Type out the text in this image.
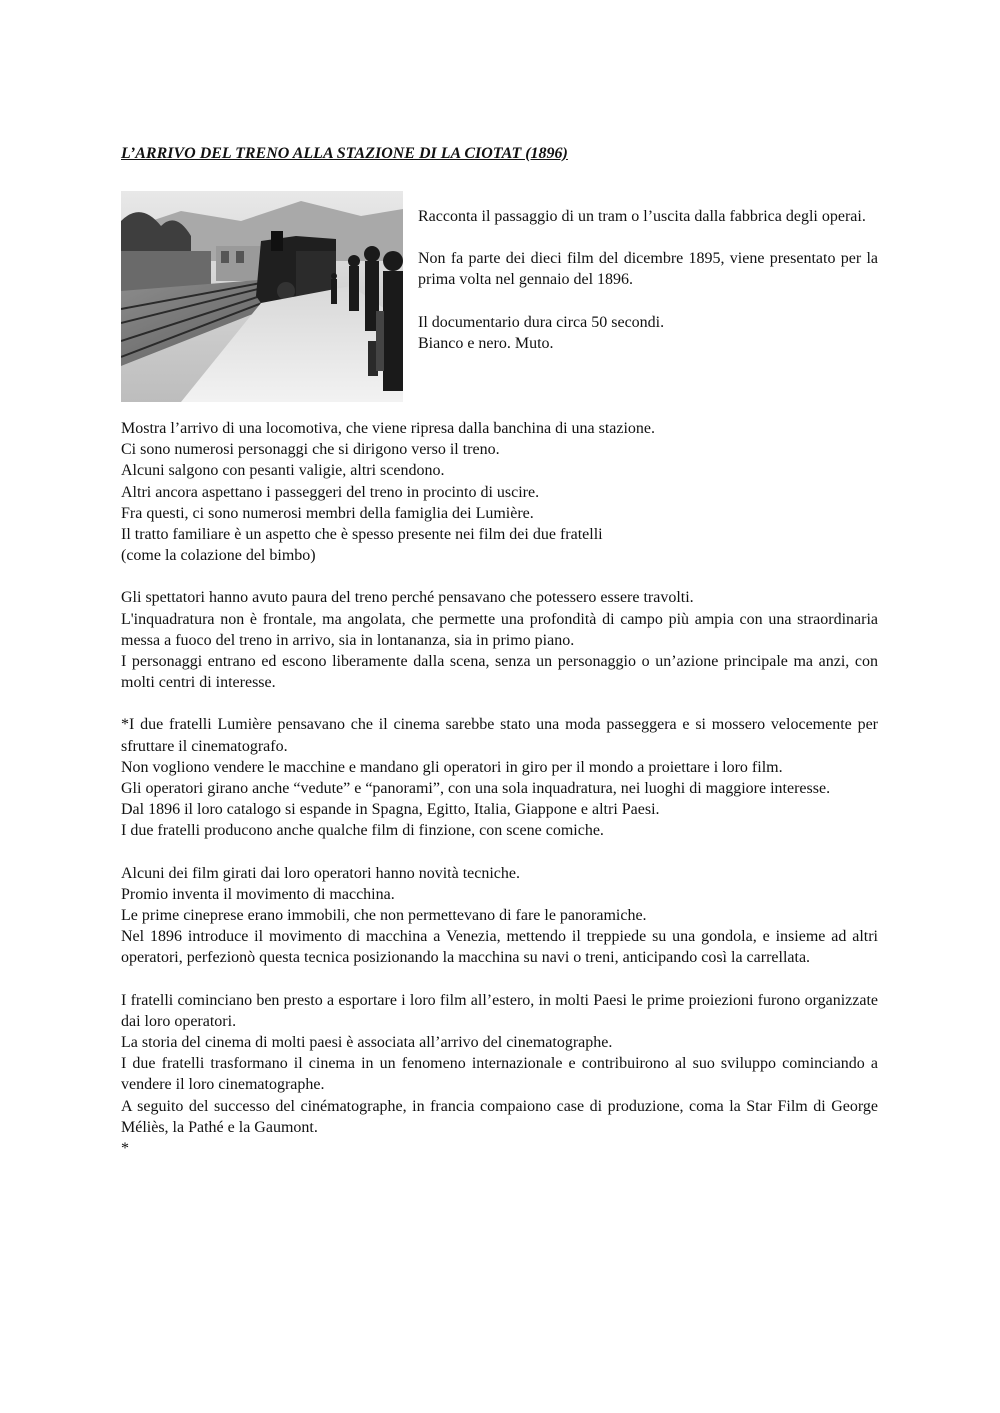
L’ARRIVO DEL TRENO ALLA STAZIONE DI LA CIOTAT (1896)

Racconta il passaggio di un tram o l’uscita dalla fabbrica degli operai.

Non fa parte dei dieci film del dicembre 1895, viene presentato per la prima volta nel gennaio del 1896.

Il documentario dura circa 50 secondi.
Bianco e nero. Muto.

Mostra l’arrivo di una locomotiva, che viene ripresa dalla banchina di una stazione.
Ci sono numerosi personaggi che si dirigono verso il treno.
Alcuni salgono con pesanti valigie, altri scendono.
Altri ancora aspettano i passeggeri del treno in procinto di uscire.
Fra questi, ci sono numerosi membri della famiglia dei Lumière.
Il tratto familiare è un aspetto che è spesso presente nei film dei due fratelli
(come la colazione del bimbo)

Gli spettatori hanno avuto paura del treno perché pensavano che potessero essere travolti.
L'inquadratura non è frontale, ma angolata, che permette una profondità di campo più ampia con una straordinaria messa a fuoco del treno in arrivo, sia in lontananza, sia in primo piano.
I personaggi entrano ed escono liberamente dalla scena, senza un personaggio o un’azione principale ma anzi, con molti centri di interesse.

*I due fratelli Lumière pensavano che il cinema sarebbe stato una moda passeggera e si mossero velocemente per sfruttare il cinematografo.
Non vogliono vendere le macchine e mandano gli operatori in giro per il mondo a proiettare i loro film.
Gli operatori girano anche “vedute” e “panorami”, con una sola inquadratura, nei luoghi di maggiore interesse.
Dal 1896 il loro catalogo si espande in Spagna, Egitto, Italia, Giappone e altri Paesi.
I due fratelli producono anche qualche film di finzione, con scene comiche.

Alcuni dei film girati dai loro operatori hanno novità tecniche.
Promio inventa il movimento di macchina.
Le prime cineprese erano immobili, che non permettevano di fare le panoramiche.
Nel 1896 introduce il movimento di macchina a Venezia, mettendo il treppiede su una gondola, e insieme ad altri operatori, perfezionò questa tecnica posizionando la macchina su navi o treni, anticipando così la carrellata.

I fratelli cominciano ben presto a esportare i loro film all’estero, in molti Paesi le prime proiezioni furono organizzate dai loro operatori.
La storia del cinema di molti paesi è associata all’arrivo del cinematographe.
I due fratelli trasformano il cinema in un fenomeno internazionale e contribuirono al suo sviluppo cominciando a vendere il loro cinematographe.
A seguito del successo del cinématographe, in francia compaiono case di produzione, coma la Star Film di George Méliès, la Pathé e la Gaumont.
*
